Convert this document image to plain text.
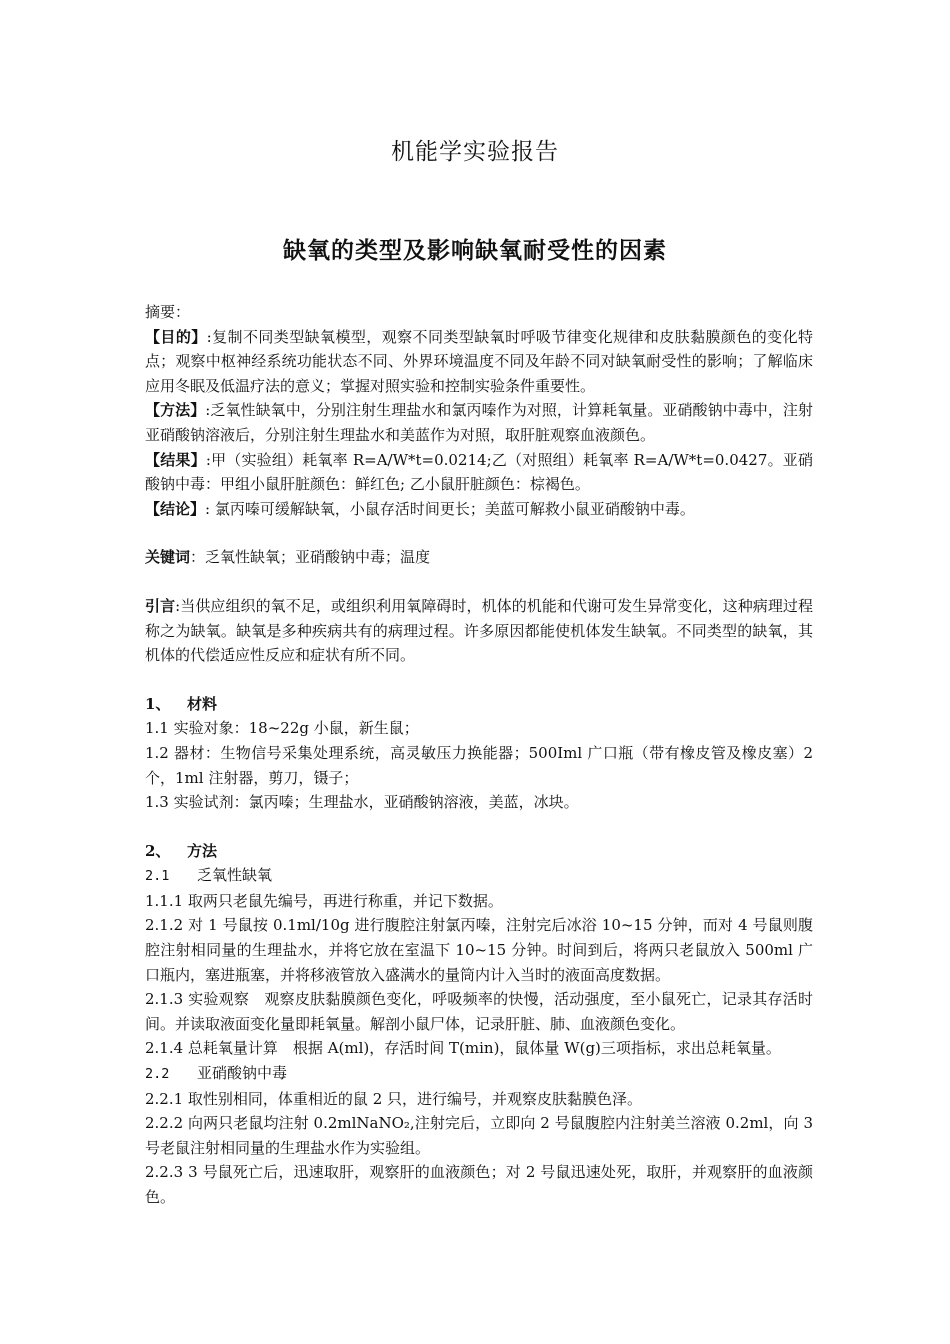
机能学实验报告
缺氧的类型及影响缺氧耐受性的因素

摘要：

【目的】:复制不同类型缺氧模型，观察不同类型缺氧时呼吸节律变化规律和皮肤黏膜颜色的变化特点；观察中枢神经系统功能状态不同、外界环境温度不同及年龄不同对缺氧耐受性的影响；了解临床应用冬眠及低温疗法的意义；掌握对照实验和控制实验条件重要性。

【方法】:乏氧性缺氧中，分别注射生理盐水和氯丙嗪作为对照，计算耗氧量。亚硝酸钠中毒中，注射亚硝酸钠溶液后，分别注射生理盐水和美蓝作为对照，取肝脏观察血液颜色。

【结果】:甲（实验组）耗氧率 R=A/W*t=0.0214;乙（对照组）耗氧率 R=A/W*t=0.0427。亚硝酸钠中毒：甲组小鼠肝脏颜色：鲜红色; 乙小鼠肝脏颜色：棕褐色。

【结论】: 氯丙嗪可缓解缺氧，小鼠存活时间更长；美蓝可解救小鼠亚硝酸钠中毒。

关键词：乏氧性缺氧；亚硝酸钠中毒；温度

引言:当供应组织的氧不足，或组织利用氧障碍时，机体的机能和代谢可发生异常变化，这种病理过程称之为缺氧。缺氧是多种疾病共有的病理过程。许多原因都能使机体发生缺氧。不同类型的缺氧，其机体的代偿适应性反应和症状有所不同。

1、 材料

1.1 实验对象：18~22g 小鼠，新生鼠；

1.2 器材：生物信号采集处理系统，高灵敏压力换能器；500Iml 广口瓶（带有橡皮管及橡皮塞）2 个，1ml 注射器，剪刀，镊子；

1.3 实验试剂：氯丙嗪；生理盐水，亚硝酸钠溶液，美蓝，冰块。

2、 方法

2.1 乏氧性缺氧

1.1.1 取两只老鼠先编号，再进行称重，并记下数据。

2.1.2 对 1 号鼠按 0.1ml/10g 进行腹腔注射氯丙嗪，注射完后冰浴 10~15 分钟，而对 4 号鼠则腹腔注射相同量的生理盐水，并将它放在室温下 10~15 分钟。时间到后，将两只老鼠放入 500ml 广口瓶内，塞进瓶塞，并将移液管放入盛满水的量筒内计入当时的液面高度数据。

2.1.3 实验观察　观察皮肤黏膜颜色变化，呼吸频率的快慢，活动强度，至小鼠死亡，记录其存活时间。并读取液面变化量即耗氧量。解剖小鼠尸体，记录肝脏、肺、血液颜色变化。

2.1.4 总耗氧量计算　根据 A(ml)，存活时间 T(min)，鼠体量 W(g)三项指标，求出总耗氧量。

2.2 亚硝酸钠中毒

2.2.1 取性别相同，体重相近的鼠 2 只，进行编号，并观察皮肤黏膜色泽。

2.2.2 向两只老鼠均注射 0.2mlNaNO₂,注射完后，立即向 2 号鼠腹腔内注射美兰溶液 0.2ml，向 3 号老鼠注射相同量的生理盐水作为实验组。

2.2.3 3 号鼠死亡后，迅速取肝，观察肝的血液颜色；对 2 号鼠迅速处死，取肝，并观察肝的血液颜色。
